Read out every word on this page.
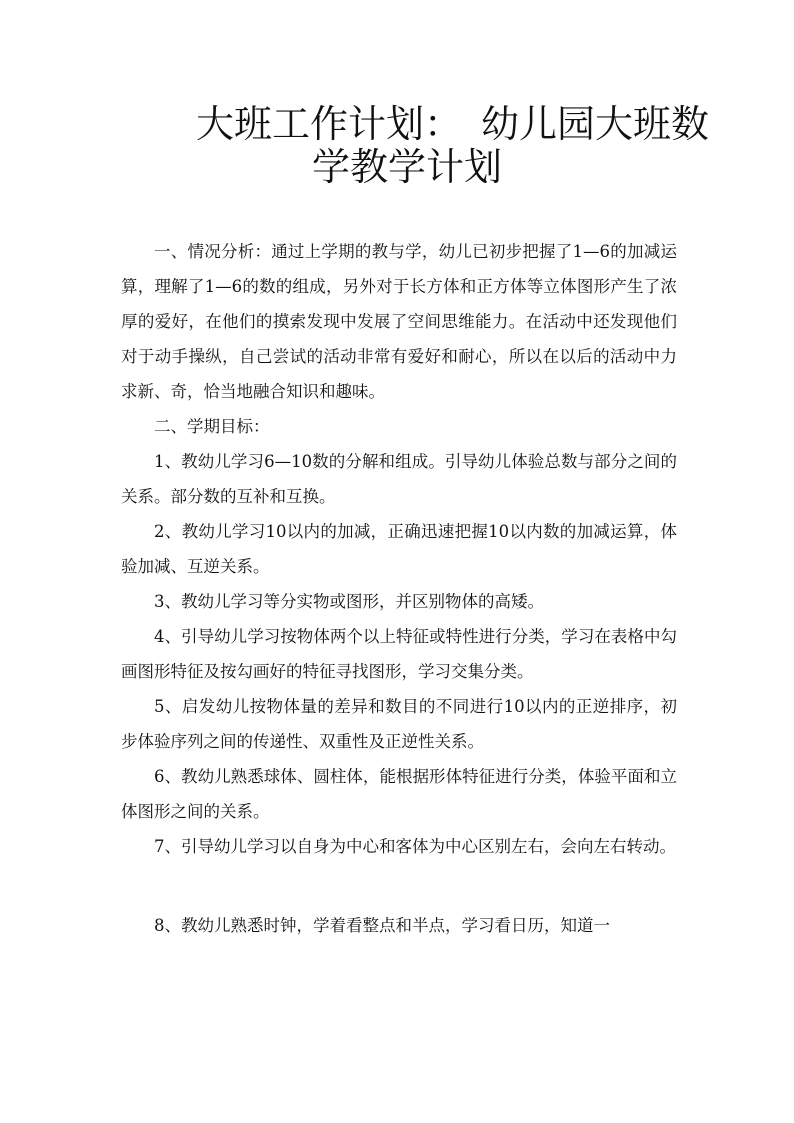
大班工作计划：　幼儿园大班数
学教学计划

一、情况分析：通过上学期的教与学，幼儿已初步把握了1—6的加减运算，理解了1—6的数的组成，另外对于长方体和正方体等立体图形产生了浓厚的爱好，在他们的摸索发现中发展了空间思维能力。在活动中还发现他们对于动手操纵，自己尝试的活动非常有爱好和耐心，所以在以后的活动中力求新、奇，恰当地融合知识和趣味。

二、学期目标：

1、教幼儿学习6—10数的分解和组成。引导幼儿体验总数与部分之间的关系。部分数的互补和互换。

2、教幼儿学习10以内的加减，正确迅速把握10以内数的加减运算，体验加减、互逆关系。

3、教幼儿学习等分实物或图形，并区别物体的高矮。

4、引导幼儿学习按物体两个以上特征或特性进行分类，学习在表格中勾画图形特征及按勾画好的特征寻找图形，学习交集分类。

5、启发幼儿按物体量的差异和数目的不同进行10以内的正逆排序，初步体验序列之间的传递性、双重性及正逆性关系。

6、教幼儿熟悉球体、圆柱体，能根据形体特征进行分类，体验平面和立体图形之间的关系。

7、引导幼儿学习以自身为中心和客体为中心区别左右，会向左右转动。

8、教幼儿熟悉时钟，学着看整点和半点，学习看日历，知道一
